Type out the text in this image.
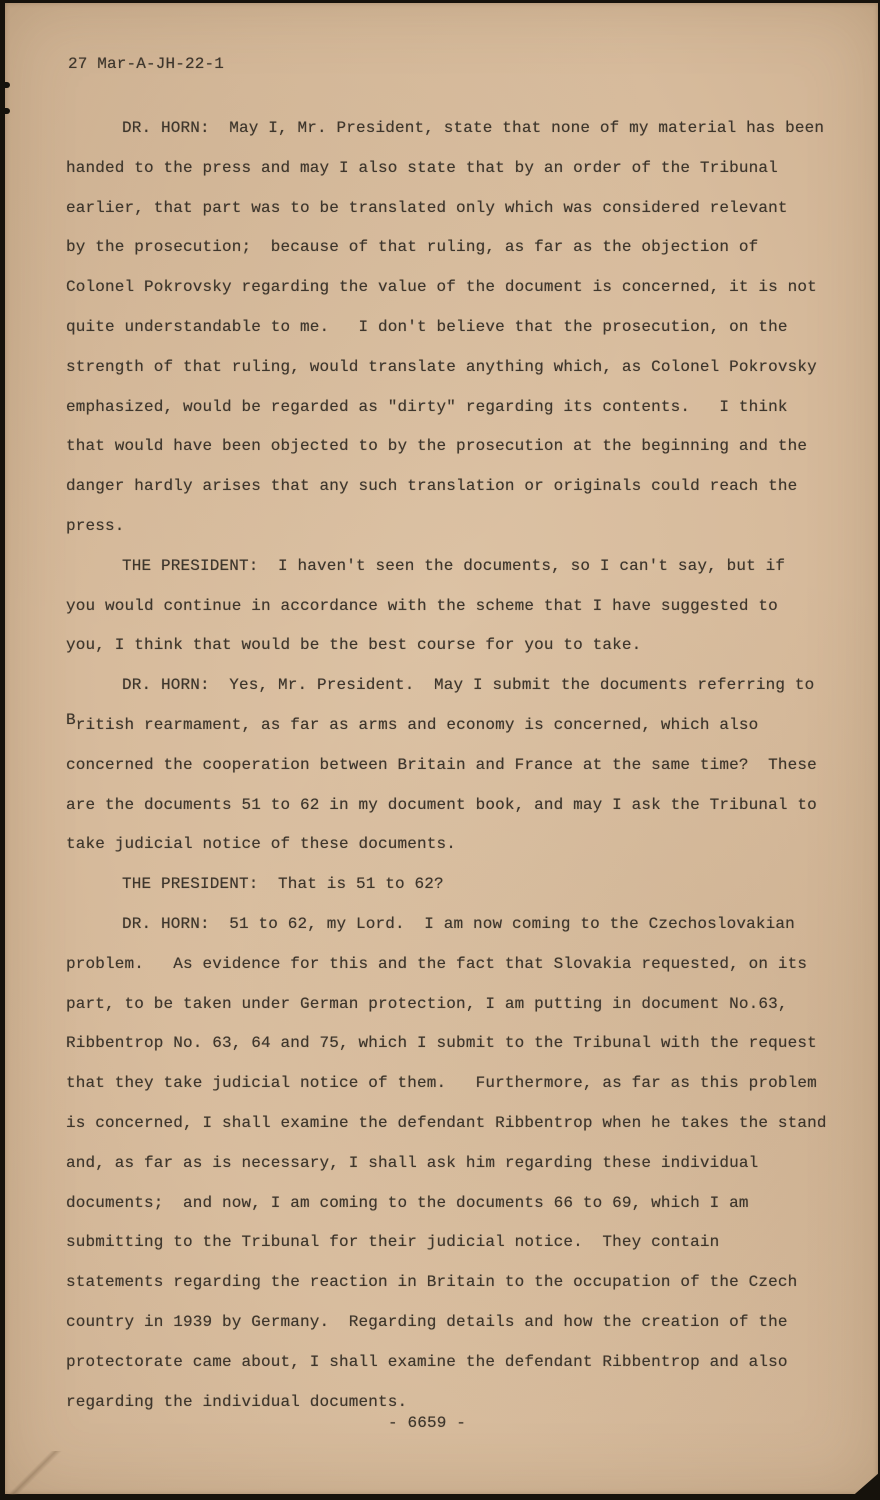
27 Mar-A-JH-22-1
DR. HORN:  May I, Mr. President, state that none of my material has been
handed to the press and may I also state that by an order of the Tribunal
earlier, that part was to be translated only which was considered relevant
by the prosecution;  because of that ruling, as far as the objection of
Colonel Pokrovsky regarding the value of the document is concerned, it is not
quite understandable to me.   I don't believe that the prosecution, on the
strength of that ruling, would translate anything which, as Colonel Pokrovsky
emphasized, would be regarded as "dirty" regarding its contents.   I think
that would have been objected to by the prosecution at the beginning and the
danger hardly arises that any such translation or originals could reach the
press.
THE PRESIDENT:  I haven't seen the documents, so I can't say, but if
you would continue in accordance with the scheme that I have suggested to
you, I think that would be the best course for you to take.
DR. HORN:  Yes, Mr. President.  May I submit the documents referring to
British rearmament, as far as arms and economy is concerned, which also
concerned the cooperation between Britain and France at the same time?  These
are the documents 51 to 62 in my document book, and may I ask the Tribunal to
take judicial notice of these documents.
THE PRESIDENT:  That is 51 to 62?
DR. HORN:  51 to 62, my Lord.  I am now coming to the Czechoslovakian
problem.   As evidence for this and the fact that Slovakia requested, on its
part, to be taken under German protection, I am putting in document No.63,
Ribbentrop No. 63, 64 and 75, which I submit to the Tribunal with the request
that they take judicial notice of them.   Furthermore, as far as this problem
is concerned, I shall examine the defendant Ribbentrop when he takes the stand
and, as far as is necessary, I shall ask him regarding these individual
documents;  and now, I am coming to the documents 66 to 69, which I am
submitting to the Tribunal for their judicial notice.  They contain
statements regarding the reaction in Britain to the occupation of the Czech
country in 1939 by Germany.  Regarding details and how the creation of the
protectorate came about, I shall examine the defendant Ribbentrop and also
regarding the individual documents.
- 6659 -
